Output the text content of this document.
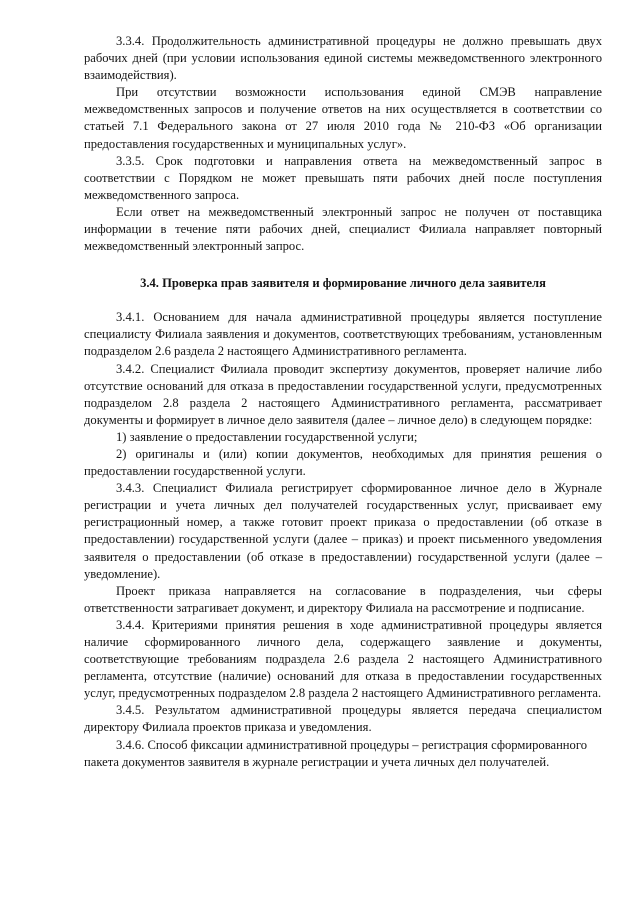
3.3.4. Продолжительность административной процедуры не должно превышать двух рабочих дней (при условии использования единой системы межведомственного электронного взаимодействия).

При отсутствии возможности использования единой СМЭВ направление межведомственных запросов и получение ответов на них осуществляется в соответствии со статьей 7.1 Федерального закона от 27 июля 2010 года № 210-ФЗ «Об организации предоставления государственных и муниципальных услуг».

3.3.5. Срок подготовки и направления ответа на межведомственный запрос в соответствии с Порядком не может превышать пяти рабочих дней после поступления межведомственного запроса.

Если ответ на межведомственный электронный запрос не получен от поставщика информации в течение пяти рабочих дней, специалист Филиала направляет повторный межведомственный электронный запрос.

3.4. Проверка прав заявителя и формирование личного дела заявителя

3.4.1. Основанием для начала административной процедуры является поступление специалисту Филиала заявления и документов, соответствующих требованиям, установленным подразделом 2.6 раздела 2 настоящего Административного регламента.

3.4.2. Специалист Филиала проводит экспертизу документов, проверяет наличие либо отсутствие оснований для отказа в предоставлении государственной услуги, предусмотренных подразделом 2.8 раздела 2 настоящего Административного регламента, рассматривает документы и формирует в личное дело заявителя (далее – личное дело) в следующем порядке:

1) заявление о предоставлении государственной услуги;

2) оригиналы и (или) копии документов, необходимых для принятия решения о предоставлении государственной услуги.

3.4.3. Специалист Филиала регистрирует сформированное личное дело в Журнале регистрации и учета личных дел получателей государственных услуг, присваивает ему регистрационный номер, а также готовит проект приказа о предоставлении (об отказе в предоставлении) государственной услуги (далее – приказ) и проект письменного уведомления заявителя о предоставлении (об отказе в предоставлении) государственной услуги (далее – уведомление).

Проект приказа направляется на согласование в подразделения, чьи сферы ответственности затрагивает документ, и директору Филиала на рассмотрение и подписание.

3.4.4. Критериями принятия решения в ходе административной процедуры является наличие сформированного личного дела, содержащего заявление и документы, соответствующие требованиям подраздела 2.6 раздела 2 настоящего Административного регламента, отсутствие (наличие) оснований для отказа в предоставлении государственных услуг, предусмотренных подразделом 2.8 раздела 2 настоящего Административного регламента.

3.4.5. Результатом административной процедуры является передача специалистом директору Филиала проектов приказа и уведомления.

3.4.6. Способ фиксации административной процедуры – регистрация сформированного пакета документов заявителя в журнале регистрации и учета личных дел получателей.
